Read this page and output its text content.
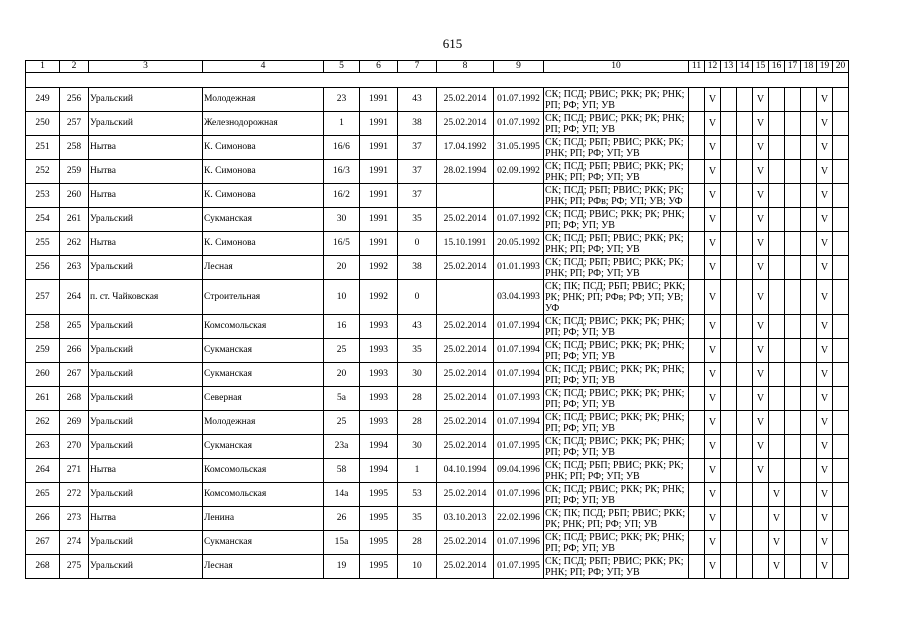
615
1	2	3	4	5	6	7	8	9	10	11	12	13	14	15	16	17	18	19	20

249	256	Уральский	Молодежная	23	1991	43	25.02.2014	01.07.1992	СК; ПСД; РВИС; РКК; РК; РНК; РП; РФ; УП; УВ		V			V				V	
250	257	Уральский	Железнодорожная	1	1991	38	25.02.2014	01.07.1992	СК; ПСД; РВИС; РКК; РК; РНК; РП; РФ; УП; УВ		V			V				V	
251	258	Нытва	К. Симонова	16/6	1991	37	17.04.1992	31.05.1995	СК; ПСД; РБП; РВИС; РКК; РК; РНК; РП; РФ; УП; УВ		V			V				V	
252	259	Нытва	К. Симонова	16/3	1991	37	28.02.1994	02.09.1992	СК; ПСД; РБП; РВИС; РКК; РК; РНК; РП; РФ; УП; УВ		V			V				V	
253	260	Нытва	К. Симонова	16/2	1991	37			СК; ПСД; РБП; РВИС; РКК; РК; РНК; РП; РФв; РФ; УП; УВ; УФ		V			V				V	
254	261	Уральский	Сукманская	30	1991	35	25.02.2014	01.07.1992	СК; ПСД; РВИС; РКК; РК; РНК; РП; РФ; УП; УВ		V			V				V	
255	262	Нытва	К. Симонова	16/5	1991	0	15.10.1991	20.05.1992	СК; ПСД; РБП; РВИС; РКК; РК; РНК; РП; РФ; УП; УВ		V			V				V	
256	263	Уральский	Лесная	20	1992	38	25.02.2014	01.01.1993	СК; ПСД; РБП; РВИС; РКК; РК; РНК; РП; РФ; УП; УВ		V			V				V	
257	264	п. ст. Чайковская	Строительная	10	1992	0		03.04.1993	СК; ПК; ПСД; РБП; РВИС; РКК; РК; РНК; РП; РФв; РФ; УП; УВ; УФ		V			V				V	
258	265	Уральский	Комсомольская	16	1993	43	25.02.2014	01.07.1994	СК; ПСД; РВИС; РКК; РК; РНК; РП; РФ; УП; УВ		V			V				V	
259	266	Уральский	Сукманская	25	1993	35	25.02.2014	01.07.1994	СК; ПСД; РВИС; РКК; РК; РНК; РП; РФ; УП; УВ		V			V				V	
260	267	Уральский	Сукманская	20	1993	30	25.02.2014	01.07.1994	СК; ПСД; РВИС; РКК; РК; РНК; РП; РФ; УП; УВ		V			V				V	
261	268	Уральский	Северная	5а	1993	28	25.02.2014	01.07.1993	СК; ПСД; РВИС; РКК; РК; РНК; РП; РФ; УП; УВ		V			V				V	
262	269	Уральский	Молодежная	25	1993	28	25.02.2014	01.07.1994	СК; ПСД; РВИС; РКК; РК; РНК; РП; РФ; УП; УВ		V			V				V	
263	270	Уральский	Сукманская	23а	1994	30	25.02.2014	01.07.1995	СК; ПСД; РВИС; РКК; РК; РНК; РП; РФ; УП; УВ		V			V				V	
264	271	Нытва	Комсомольская	58	1994	1	04.10.1994	09.04.1996	СК; ПСД; РБП; РВИС; РКК; РК; РНК; РП; РФ; УП; УВ		V			V				V	
265	272	Уральский	Комсомольская	14а	1995	53	25.02.2014	01.07.1996	СК; ПСД; РВИС; РКК; РК; РНК; РП; РФ; УП; УВ		V				V			V	
266	273	Нытва	Ленина	26	1995	35	03.10.2013	22.02.1996	СК; ПК; ПСД; РБП; РВИС; РКК; РК; РНК; РП; РФ; УП; УВ		V				V			V	
267	274	Уральский	Сукманская	15а	1995	28	25.02.2014	01.07.1996	СК; ПСД; РВИС; РКК; РК; РНК; РП; РФ; УП; УВ		V				V			V	
268	275	Уральский	Лесная	19	1995	10	25.02.2014	01.07.1995	СК; ПСД; РБП; РВИС; РКК; РК; РНК; РП; РФ; УП; УВ		V				V			V	
